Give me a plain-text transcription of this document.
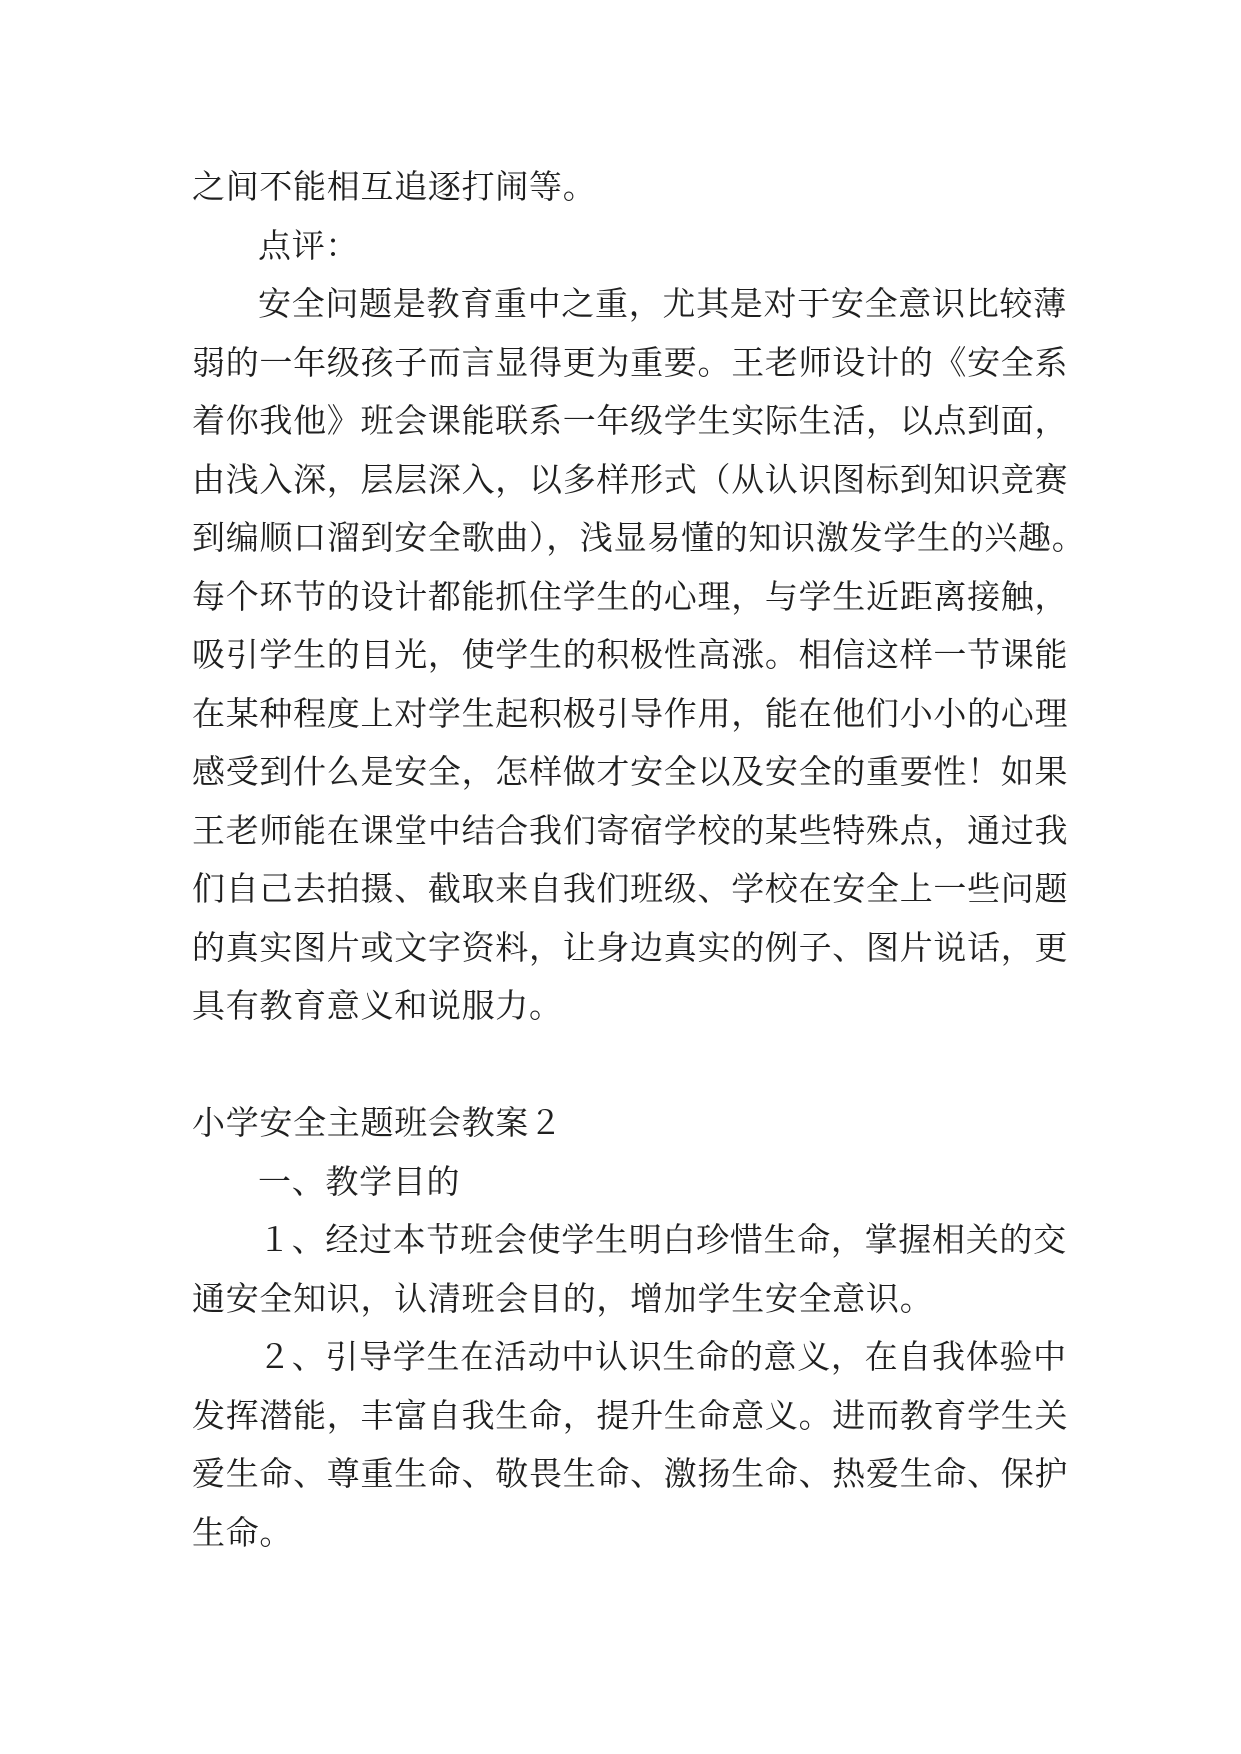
之间不能相互追逐打闹等。
点评：
安全问题是教育重中之重，尤其是对于安全意识比较薄
弱的一年级孩子而言显得更为重要。王老师设计的《安全系
着你我他》班会课能联系一年级学生实际生活，以点到面，
由浅入深，层层深入，以多样形式（从认识图标到知识竞赛
到编顺口溜到安全歌曲），浅显易懂的知识激发学生的兴趣。
每个环节的设计都能抓住学生的心理，与学生近距离接触，
吸引学生的目光，使学生的积极性高涨。相信这样一节课能
在某种程度上对学生起积极引导作用，能在他们小小的心理
感受到什么是安全，怎样做才安全以及安全的重要性！如果
王老师能在课堂中结合我们寄宿学校的某些特殊点，通过我
们自己去拍摄、截取来自我们班级、学校在安全上一些问题
的真实图片或文字资料，让身边真实的例子、图片说话，更
具有教育意义和说服力。
小学安全主题班会教案２
一、教学目的
１、经过本节班会使学生明白珍惜生命，掌握相关的交
通安全知识，认清班会目的，增加学生安全意识。
２、引导学生在活动中认识生命的意义，在自我体验中
发挥潜能，丰富自我生命，提升生命意义。进而教育学生关
爱生命、尊重生命、敬畏生命、激扬生命、热爱生命、保护
生命。
